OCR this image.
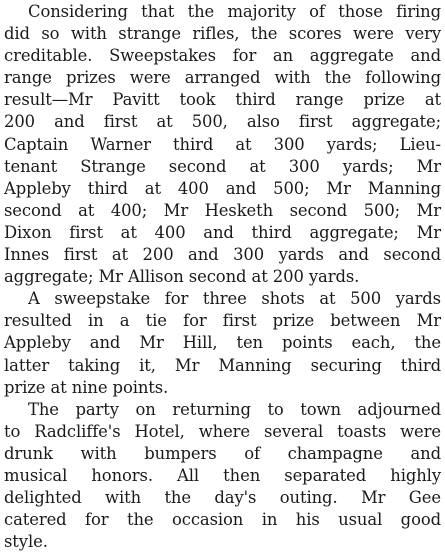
Considering that the majority of those firing
did so with strange rifles, the scores were very
creditable. Sweepstakes for an aggregate and
range prizes were arranged with the following
result—Mr Pavitt took third range prize at
200 and first at 500, also first aggregate;
Captain Warner third at 300 yards; Lieu-
tenant Strange second at 300 yards; Mr
Appleby third at 400 and 500; Mr Manning
second at 400; Mr Hesketh second 500; Mr
Dixon first at 400 and third aggregate; Mr
Innes first at 200 and 300 yards and second
aggregate; Mr Allison second at 200 yards.

A sweepstake for three shots at 500 yards
resulted in a tie for first prize between Mr
Appleby and Mr Hill, ten points each, the
latter taking it, Mr Manning securing third
prize at nine points.

The party on returning to town adjourned
to Radcliffe's Hotel, where several toasts were
drunk with bumpers of champagne and
musical honors. All then separated highly
delighted with the day's outing. Mr Gee
catered for the occasion in his usual good
style.
